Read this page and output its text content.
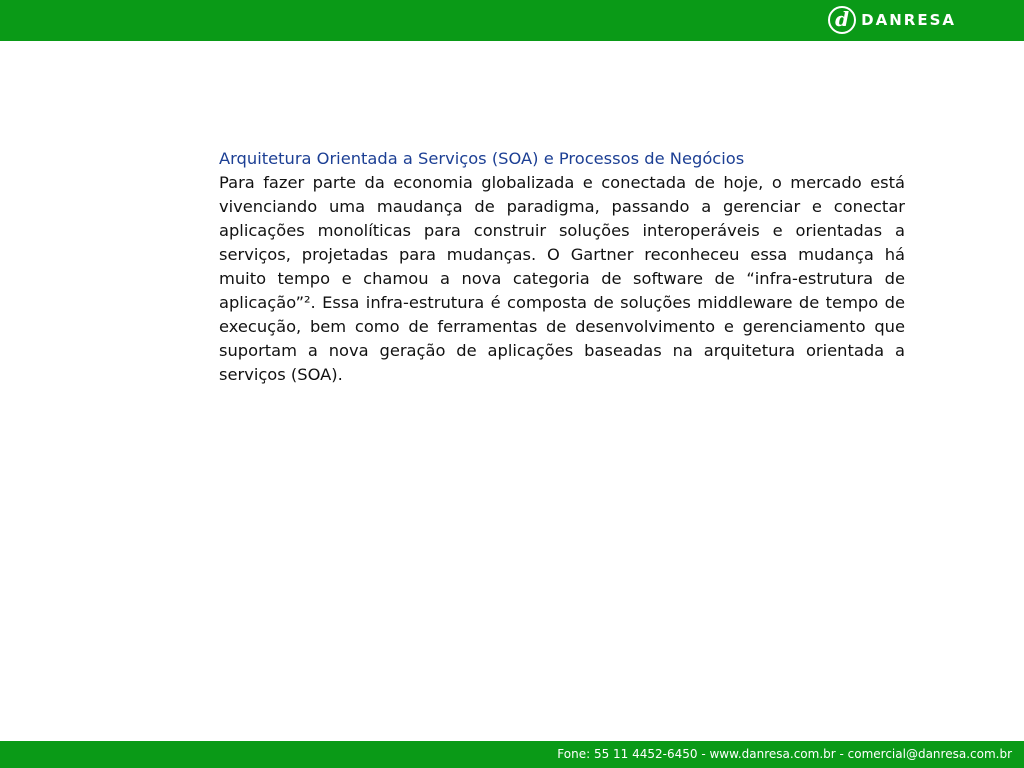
d DANRESA
Arquitetura Orientada a Serviços (SOA) e Processos de Negócios

Para fazer parte da economia globalizada e conectada de hoje, o mercado está vivenciando uma maudança de paradigma, passando a gerenciar e conectar aplicações monolíticas para construir soluções interoperáveis e orientadas a serviços, projetadas para mudanças. O Gartner reconheceu essa mudança há muito tempo e chamou a nova categoria de software de “infra-estrutura de aplicação”². Essa infra-estrutura é composta de soluções middleware de tempo de execução, bem como de ferramentas de desenvolvimento e gerenciamento que suportam a nova geração de aplicações baseadas na arquitetura orientada a serviços (SOA).

Fone: 55 11 4452-6450 - www.danresa.com.br - comercial@danresa.com.br
